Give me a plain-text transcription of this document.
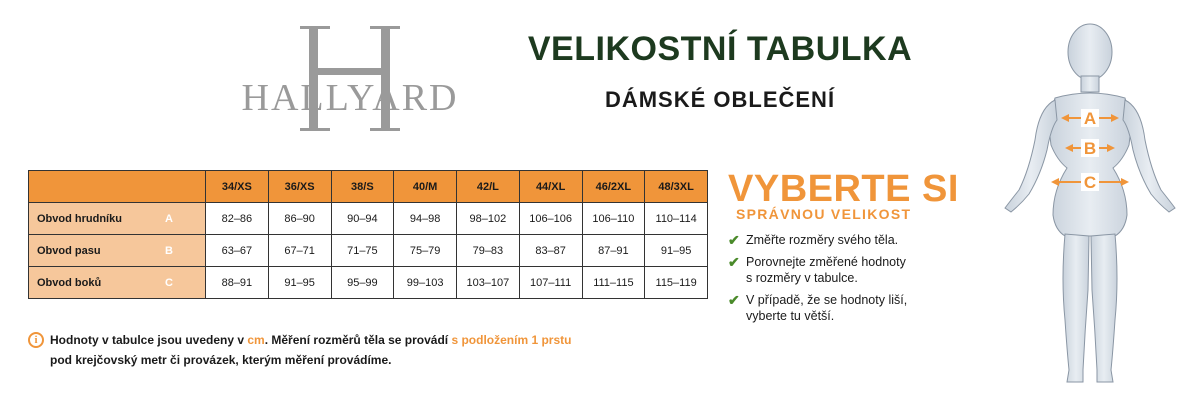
HALLYARD
VELIKOSTNÍ TABULKA
DÁMSKÉ OBLEČENÍ
	34/XS	36/XS	38/S	40/M	42/L	44/XL	46/2XL	48/3XL
Obvod hrudníku A	82–86	86–90	90–94	94–98	98–102	106–106	106–110	110–114
Obvod pasu B	63–67	67–71	71–75	75–79	79–83	83–87	87–91	91–95
Obvod boků C	88–91	91–95	95–99	99–103	103–107	107–111	111–115	115–119
i	Hodnoty v tabulce jsou uvedeny v cm. Měření rozměrů těla se provádí s podložením 1 prstu
pod krejčovský metr či provázek, kterým měření provádíme.
VYBERTE SI
SPRÁVNOU VELIKOST
✔ Změřte rozměry svého těla.
✔ Porovnejte změřené hodnoty
s rozměry v tabulce.
✔ V případě, že se hodnoty liší,
vyberte tu větší.
A
B
C
